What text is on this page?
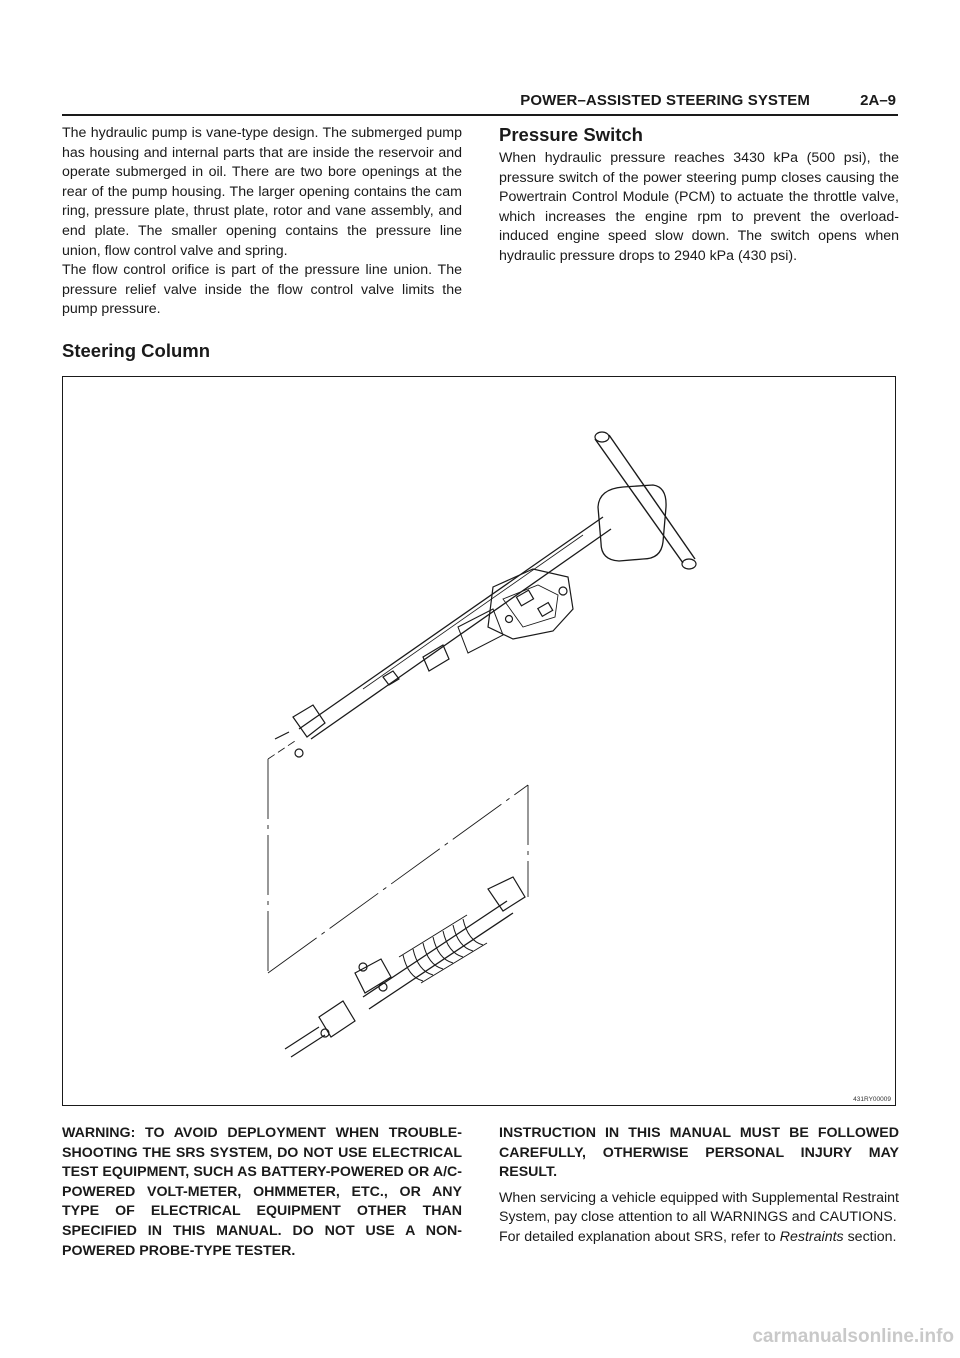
POWER–ASSISTED STEERING SYSTEM	2A–9

The hydraulic pump is vane-type design. The submerged pump has housing and internal parts that are inside the reservoir and operate submerged in oil. There are two bore openings at the rear of the pump housing. The larger opening contains the cam ring, pressure plate, thrust plate, rotor and vane assembly, and end plate. The smaller opening contains the pressure line union, flow control valve and spring.

The flow control orifice is part of the pressure line union. The pressure relief valve inside the flow control valve limits the pump pressure.

Pressure Switch

When hydraulic pressure reaches 3430 kPa (500 psi), the pressure switch of the power steering pump closes causing the Powertrain Control Module (PCM) to actuate the throttle valve, which increases the engine rpm to prevent the overload-induced engine speed slow down. The switch opens when hydraulic pressure drops to 2940 kPa (430 psi).

Steering Column
431RY00009
WARNING: TO AVOID DEPLOYMENT WHEN TROUBLE-SHOOTING THE SRS SYSTEM, DO NOT USE ELECTRICAL TEST EQUIPMENT, SUCH AS BATTERY-POWERED OR A/C-POWERED VOLT-METER, OHMMETER, ETC., OR ANY TYPE OF ELECTRICAL EQUIPMENT OTHER THAN SPECIFIED IN THIS MANUAL. DO NOT USE A NON-POWERED PROBE-TYPE TESTER.

INSTRUCTION IN THIS MANUAL MUST BE FOLLOWED CAREFULLY, OTHERWISE PERSONAL INJURY MAY RESULT.

When servicing a vehicle equipped with Supplemental Restraint System, pay close attention to all WARNINGS and CAUTIONS.

For detailed explanation about SRS, refer to Restraints section.

carmanualsonline.info
